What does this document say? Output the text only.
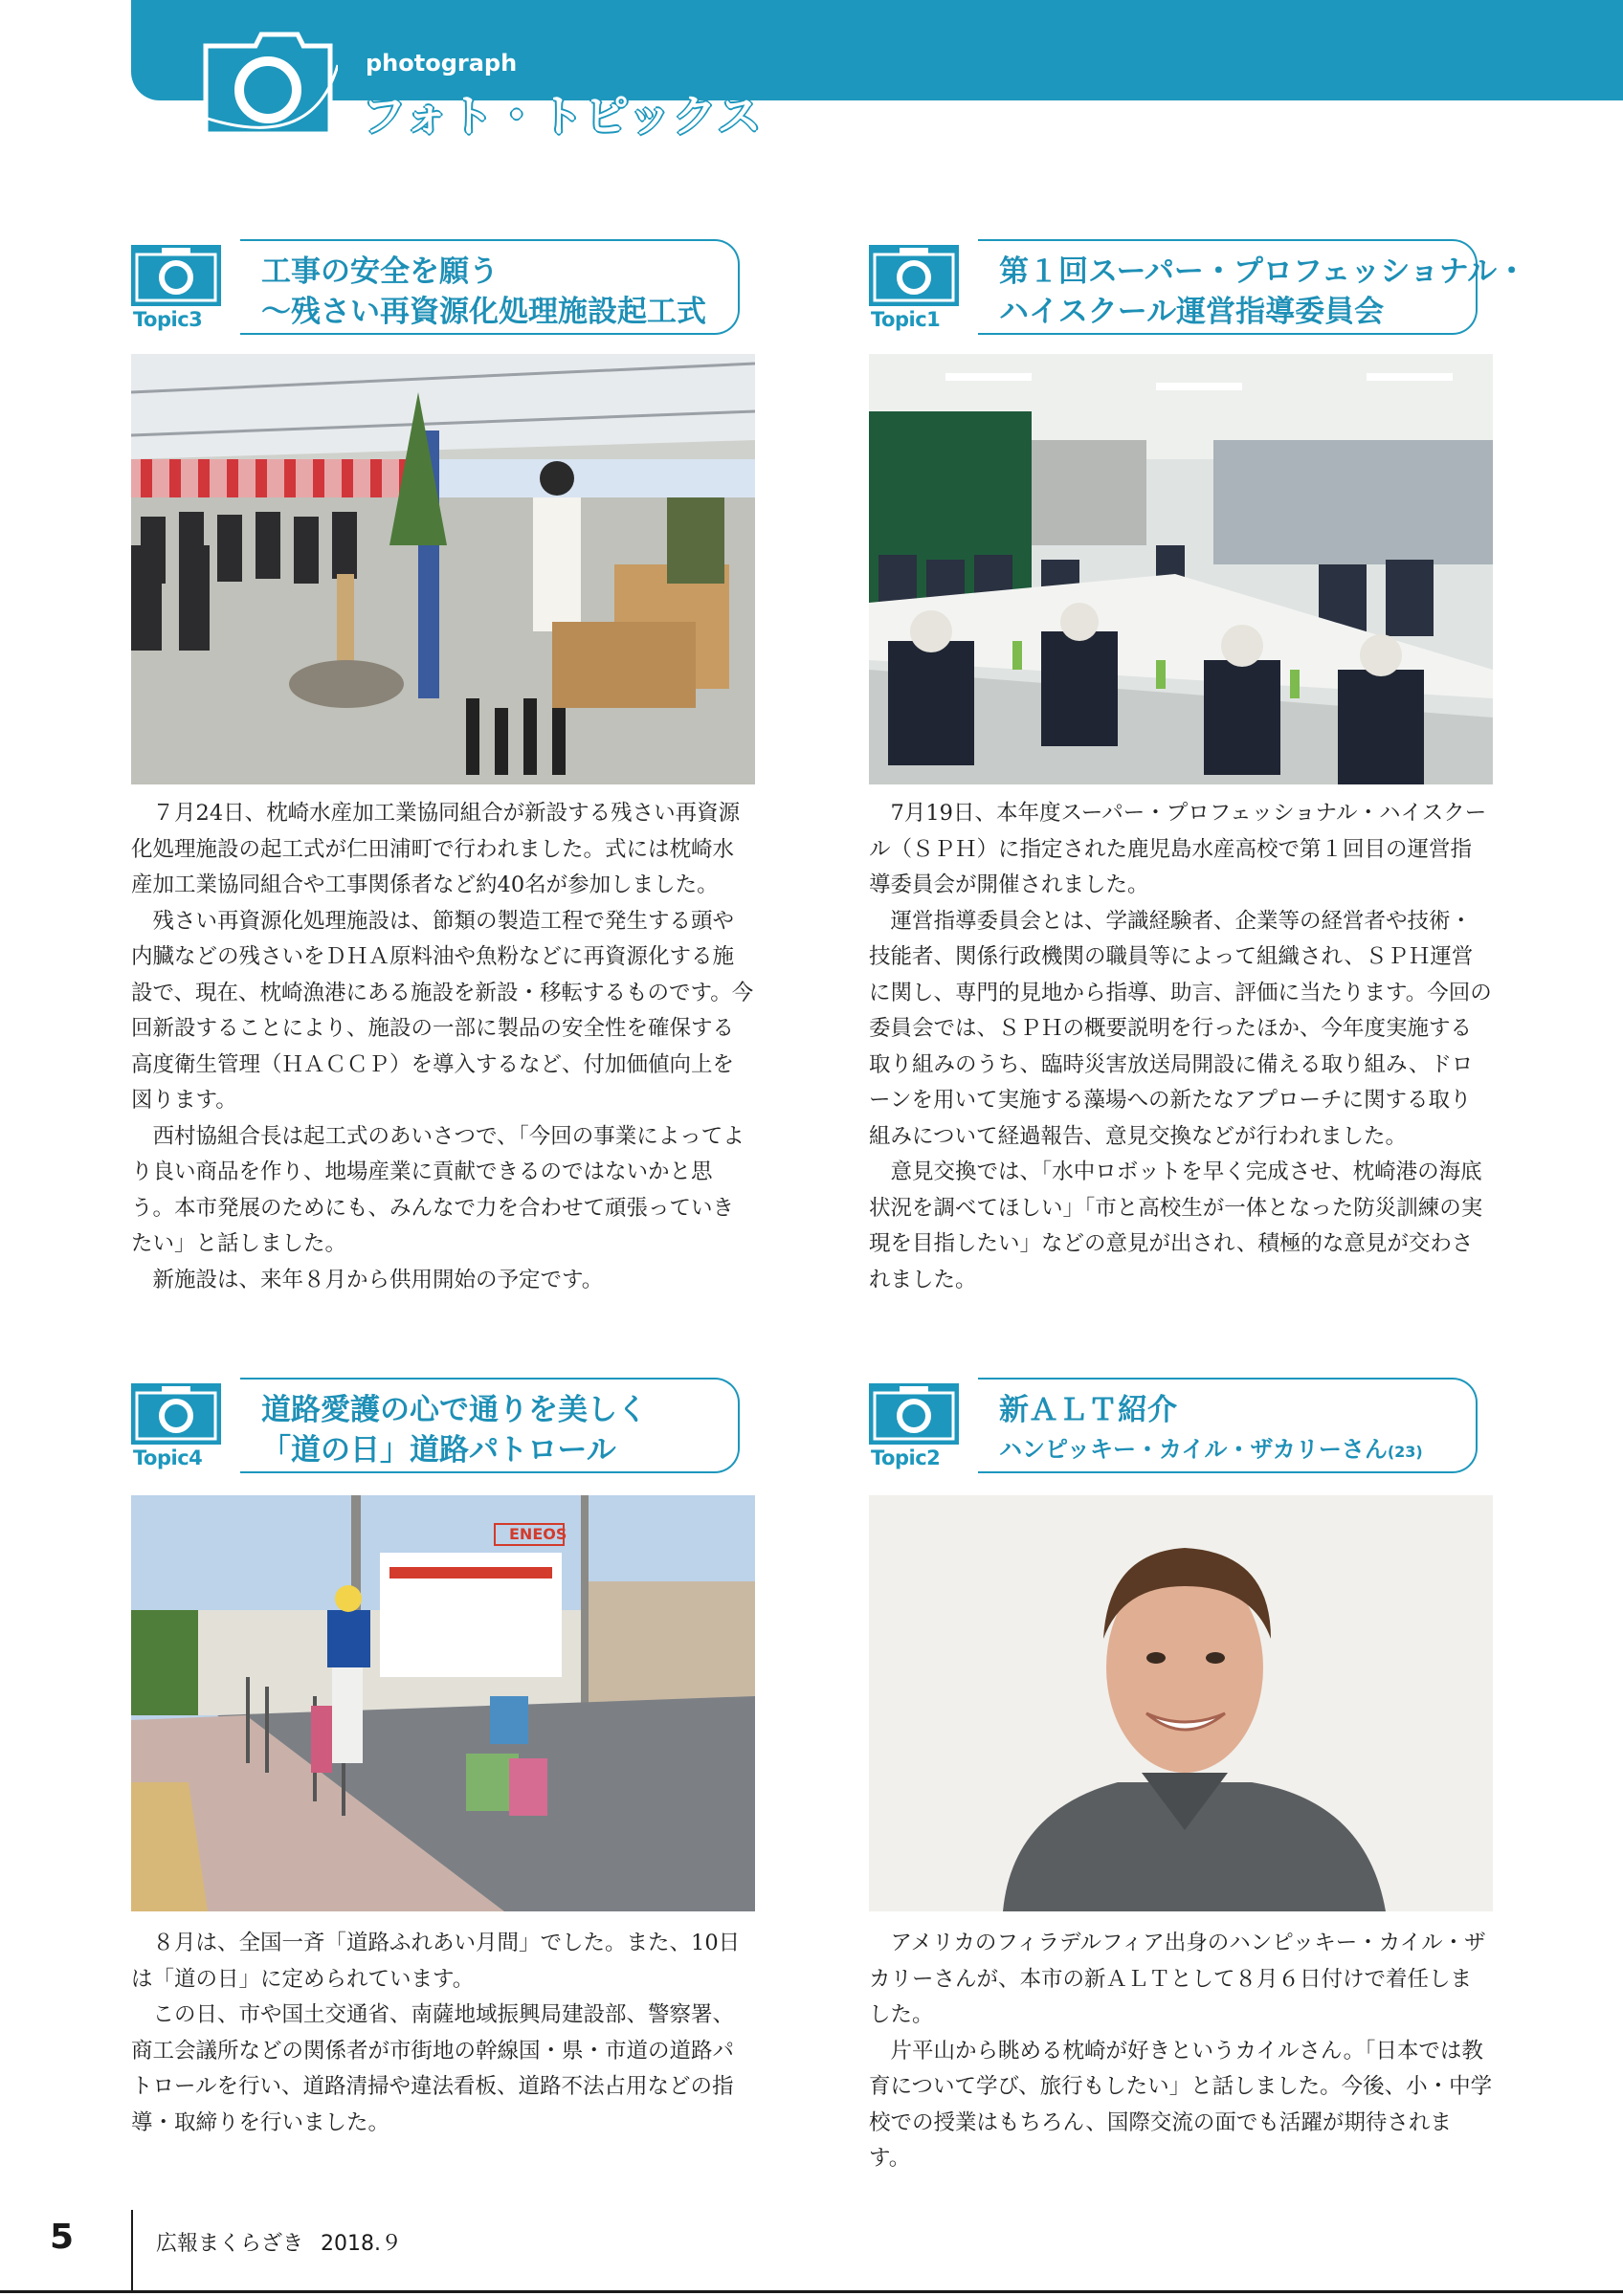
photograph
フォト・トピックス
Topic3
工事の安全を願う
～残さい再資源化処理施設起工式

７月24日、枕崎水産加工業協同組合が新設する残さい再資源化処理施設の起工式が仁田浦町で行われました。式には枕崎水産加工業協同組合や工事関係者など約40名が参加しました。

残さい再資源化処理施設は、節類の製造工程で発生する頭や内臓などの残さいをＤＨＡ原料油や魚粉などに再資源化する施設で、現在、枕崎漁港にある施設を新設・移転するものです。今回新設することにより、施設の一部に製品の安全性を確保する高度衛生管理（ＨＡＣＣＰ）を導入するなど、付加価値向上を図ります。

西村協組合長は起工式のあいさつで、「今回の事業によってより良い商品を作り、地場産業に貢献できるのではないかと思う。本市発展のためにも、みんなで力を合わせて頑張っていきたい」と話しました。

新施設は、来年８月から供用開始の予定です。

Topic1
第１回スーパー・プロフェッショナル・
ハイスクール運営指導委員会

7月19日、本年度スーパー・プロフェッショナル・ハイスクール（ＳＰＨ）に指定された鹿児島水産高校で第１回目の運営指導委員会が開催されました。

運営指導委員会とは、学識経験者、企業等の経営者や技術・技能者、関係行政機関の職員等によって組織され、ＳＰＨ運営に関し、専門的見地から指導、助言、評価に当たります。今回の委員会では、ＳＰＨの概要説明を行ったほか、今年度実施する取り組みのうち、臨時災害放送局開設に備える取り組み、ドローンを用いて実施する藻場への新たなアプローチに関する取り組みについて経過報告、意見交換などが行われました。

意見交換では、「水中ロボットを早く完成させ、枕崎港の海底状況を調べてほしい」「市と高校生が一体となった防災訓練の実現を目指したい」などの意見が出され、積極的な意見が交わされました。

Topic4
道路愛護の心で通りを美しく
「道の日」道路パトロール
ENEOS

８月は、全国一斉「道路ふれあい月間」でした。また、10日は「道の日」に定められています。

この日、市や国土交通省、南薩地域振興局建設部、警察署、商工会議所などの関係者が市街地の幹線国・県・市道の道路パトロールを行い、道路清掃や違法看板、道路不法占用などの指導・取締りを行いました。

Topic2
新ＡＬＴ紹介
ハンピッキー・カイル・ザカリーさん(23)

アメリカのフィラデルフィア出身のハンピッキー・カイル・ザカリーさんが、本市の新ＡＬＴとして８月６日付けで着任しました。

片平山から眺める枕崎が好きというカイルさん。「日本では教育について学び、旅行もしたい」と話しました。今後、小・中学校での授業はもちろん、国際交流の面でも活躍が期待されます。

5	広報まくらざき 2018.９
